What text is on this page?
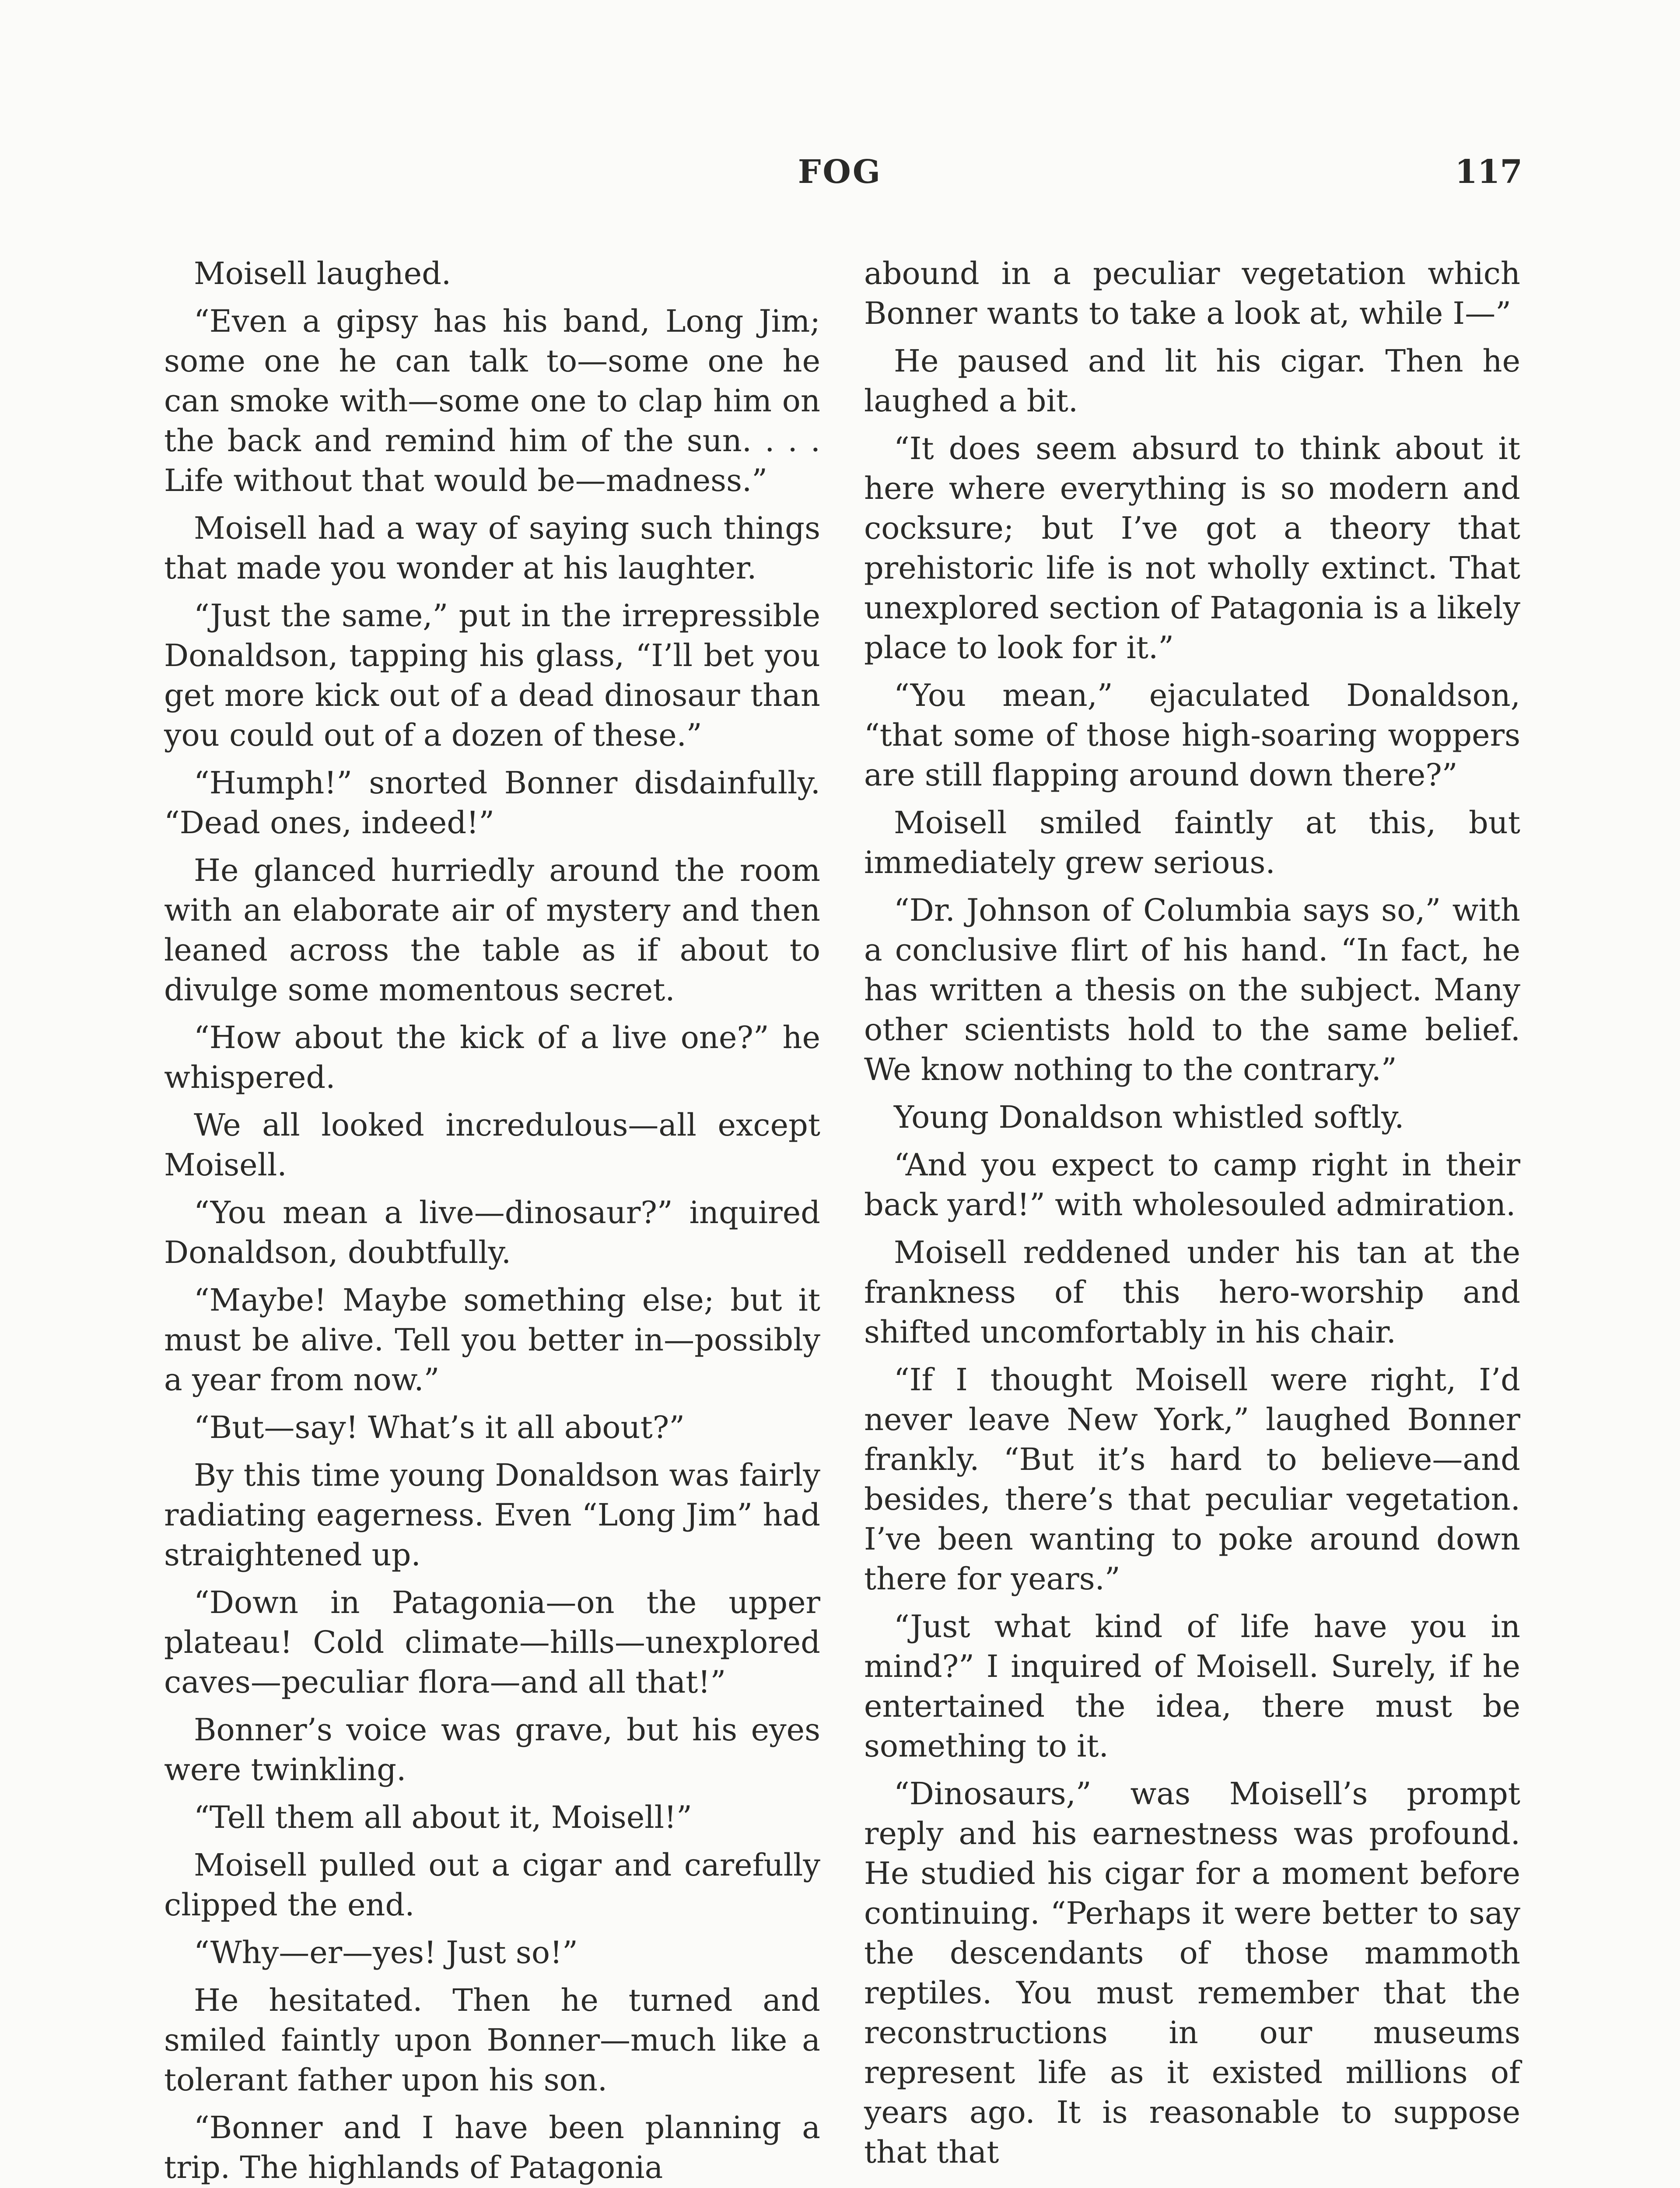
FOG	117

Moisell laughed.

“Even a gipsy has his band, Long Jim; some one he can talk to—some one he can smoke with—some one to clap him on the back and remind him of the sun. . . . Life without that would be—madness.”

Moisell had a way of saying such things that made you wonder at his laughter.

“Just the same,” put in the irrepressible Donaldson, tapping his glass, “I’ll bet you get more kick out of a dead dinosaur than you could out of a dozen of these.”

“Humph!” snorted Bonner disdainfully. “Dead ones, indeed!”

He glanced hurriedly around the room with an elaborate air of mystery and then leaned across the table as if about to divulge some momentous secret.

“How about the kick of a live one?” he whispered.

We all looked incredulous—all except Moisell.

“You mean a live—dinosaur?” inquired Donaldson, doubtfully.

“Maybe! Maybe something else; but it must be alive. Tell you better in—possibly a year from now.”

“But—say! What’s it all about?”

By this time young Donaldson was fairly radiating eagerness. Even “Long Jim” had straightened up.

“Down in Patagonia—on the upper plateau! Cold climate—hills—unexplored caves—peculiar flora—and all that!”

Bonner’s voice was grave, but his eyes were twinkling.

“Tell them all about it, Moisell!”

Moisell pulled out a cigar and carefully clipped the end.

“Why—er—yes! Just so!”

He hesitated. Then he turned and smiled faintly upon Bonner—much like a tolerant father upon his son.

“Bonner and I have been planning a trip. The highlands of Patagonia

abound in a peculiar vegetation which Bonner wants to take a look at, while I—”

He paused and lit his cigar. Then he laughed a bit.

“It does seem absurd to think about it here where everything is so modern and cocksure; but I’ve got a theory that prehistoric life is not wholly extinct. That unexplored section of Patagonia is a likely place to look for it.”

“You mean,” ejaculated Donaldson, “that some of those high-soaring woppers are still flapping around down there?”

Moisell smiled faintly at this, but immediately grew serious.

“Dr. Johnson of Columbia says so,” with a conclusive flirt of his hand. “In fact, he has written a thesis on the subject. Many other scientists hold to the same belief. We know nothing to the contrary.”

Young Donaldson whistled softly.

“And you expect to camp right in their back yard!” with wholesouled admiration.

Moisell reddened under his tan at the frankness of this hero-worship and shifted uncomfortably in his chair.

“If I thought Moisell were right, I’d never leave New York,” laughed Bonner frankly. “But it’s hard to believe—and besides, there’s that peculiar vegetation. I’ve been wanting to poke around down there for years.”

“Just what kind of life have you in mind?” I inquired of Moisell. Surely, if he entertained the idea, there must be something to it.

“Dinosaurs,” was Moisell’s prompt reply and his earnestness was profound. He studied his cigar for a moment before continuing. “Perhaps it were better to say the descendants of those mammoth reptiles. You must remember that the reconstructions in our museums represent life as it existed millions of years ago. It is reasonable to suppose that that
